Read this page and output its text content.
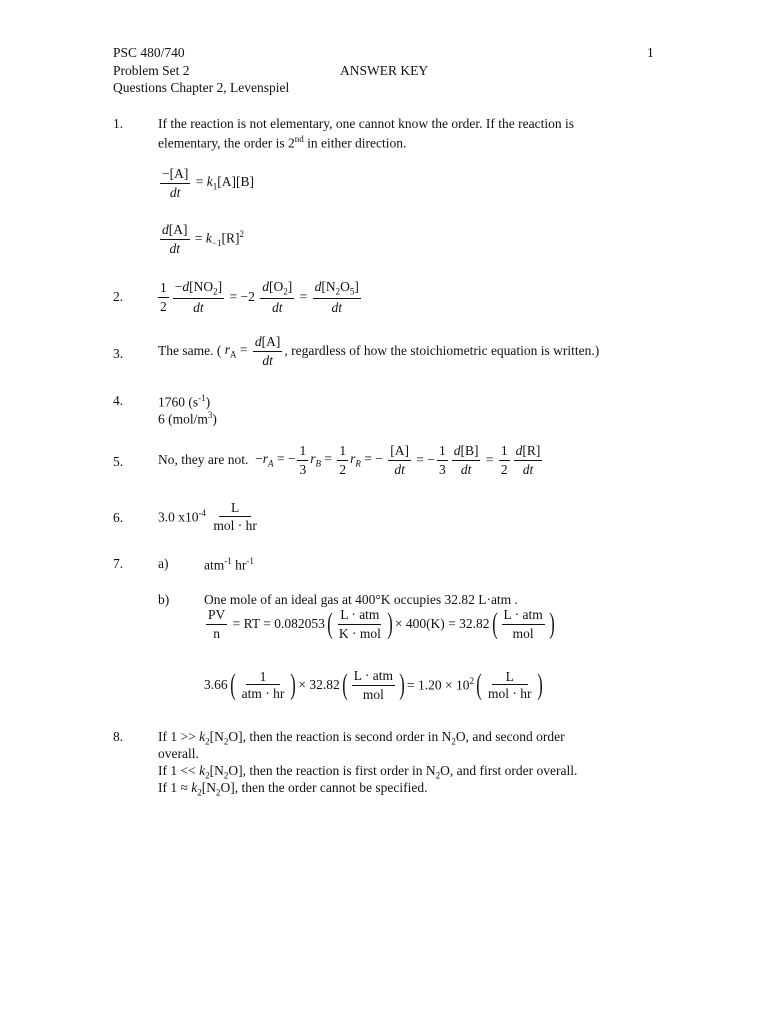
PSC 480/740	1
Problem Set 2	ANSWER KEY
Questions Chapter 2, Levenspiel
1.	If the reaction is not elementary, one cannot know the order. If the reaction is
elementary, the order is 2nd in either direction.
$\frac{-[A]}{dt} = k_1[A][B]$
$\frac{d[A]}{dt} = k_{-1}[R]^2$
2.	$\frac{1}{2} \frac{-d[NO_2]}{dt} = -2 \frac{d[O_2]}{dt} = \frac{d[N_2O_5]}{dt}$
3.	The same. ( $r_A = \frac{d[A]}{dt}$ , regardless of how the stoichiometric equation is written.)
4.	1760 $(s^{-1})$
6 $(mol/m^3)$
5.	No, they are not. $-r_A$ = − $\frac{1}{3} r_B = \frac{1}{2} r_R$ = − $\frac{[A]}{dt}$ = − $\frac{1}{3} \frac{d[B]}{dt} = \frac{1}{2} \frac{d[R]}{dt}$
6.	3.0 $x10^{-4} \frac{L}{\text{mol · hr}}$
7.	a)	atm$^{-1}$ $hr^{-1}$
b)	One mole of an ideal gas at 400°K occupies 32.82 L·atm .
$\frac{PV}{n}$ = RT = 0.082053 ( $\frac{\text{L · atm}}{\text{K · mol}}$ ) × 400(K) = 32.82 ( $\frac{\text{L · atm}}{\text{mol}}$ )
3.66 ( $\frac{1}{\text{atm · hr}}$ ) × 32.82 ( $\frac{\text{L · atm}}{\text{mol}}$ ) = $1.20 \times 10^2$ ( $\frac{L}{\text{mol · hr}}$ )
8.	If $1 >> k_2[N_2O]$, then the reaction is second order in $N_2O$, and second order
overall.
If $1 << k_2[N_2O]$, then the reaction is first order in $N_2O$, and first order overall.
If $1 \approx k_2[N_2O]$, then the order cannot be specified.
